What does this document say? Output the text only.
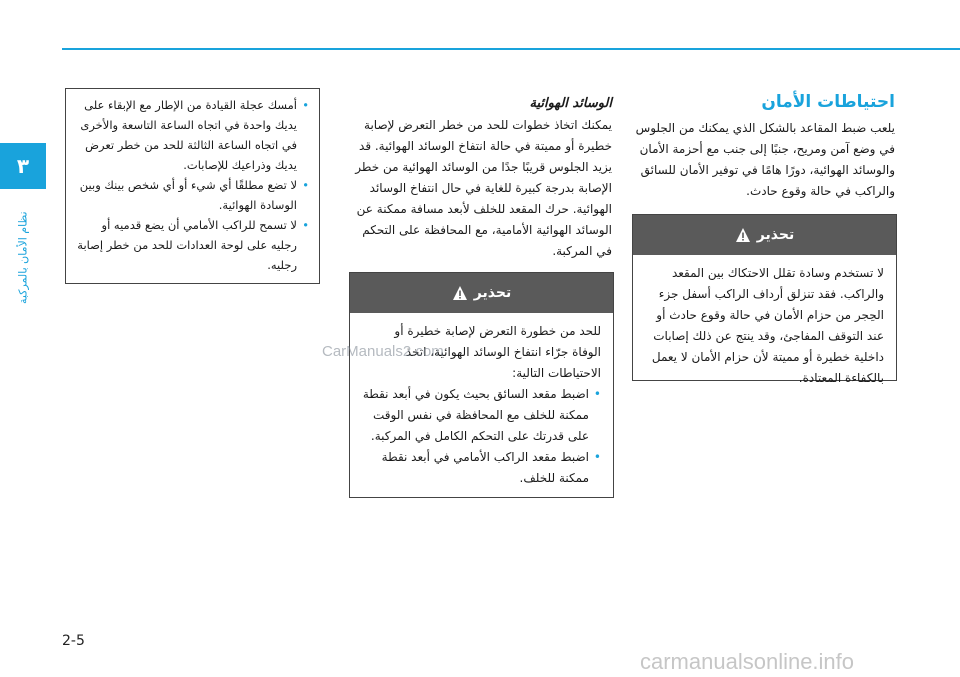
٣
نظام الأمان بالمركبة
احتياطات الأمان

يلعب ضبط المقاعد بالشكل الذي يمكنك من الجلوس في وضع آمن ومريح، جنبًا إلى جنب مع أحزمة الأمان والوسائد الهوائية، دورًا هامًا في توفير الأمان للسائق والراكب في حالة وقوع حادث.

تحذير

لا تستخدم وسادة تقلل الاحتكاك بين المقعد والراكب. فقد تنزلق أرداف الراكب أسفل جزء الحِجر من حزام الأمان في حالة وقوع حادث أو عند التوقف المفاجئ، وقد ينتج عن ذلك إصابات داخلية خطيرة أو مميتة لأن حزام الأمان لا يعمل بالكفاءة المعتادة.

الوسائد الهوائية

يمكنك اتخاذ خطوات للحد من خطر التعرض لإصابة خطيرة أو مميتة في حالة انتفاخ الوسائد الهوائية. قد يزيد الجلوس قريبًا جدًا من الوسائد الهوائية من خطر الإصابة بدرجة كبيرة للغاية في حال انتفاخ الوسائد الهوائية. حرك المقعد للخلف لأبعد مسافة ممكنة عن الوسائد الهوائية الأمامية، مع المحافظة على التحكم في المركبة.

تحذير

للحد من خطورة التعرض لإصابة خطيرة أو الوفاة جرّاء انتفاخ الوسائد الهوائية، اتخذ الاحتياطات التالية:

• اضبط مقعد السائق بحيث يكون في أبعد نقطة ممكنة للخلف مع المحافظة في نفس الوقت على قدرتك على التحكم الكامل في المركبة.
• اضبط مقعد الراكب الأمامي في أبعد نقطة ممكنة للخلف.
• أمسك عجلة القيادة من الإطار مع الإبقاء على يديك واحدة في اتجاه الساعة التاسعة والأخرى في اتجاه الساعة الثالثة للحد من خطر تعرض يديك وذراعيك للإصابات.
• لا تضع مطلقًا أي شيء أو أي شخص بينك وبين الوسادة الهوائية.
• لا تسمح للراكب الأمامي أن يضع قدميه أو رجليه على لوحة العدادات للحد من خطر إصابة رجليه.
2-5
CarManuals2.com
carmanualsonline.info
